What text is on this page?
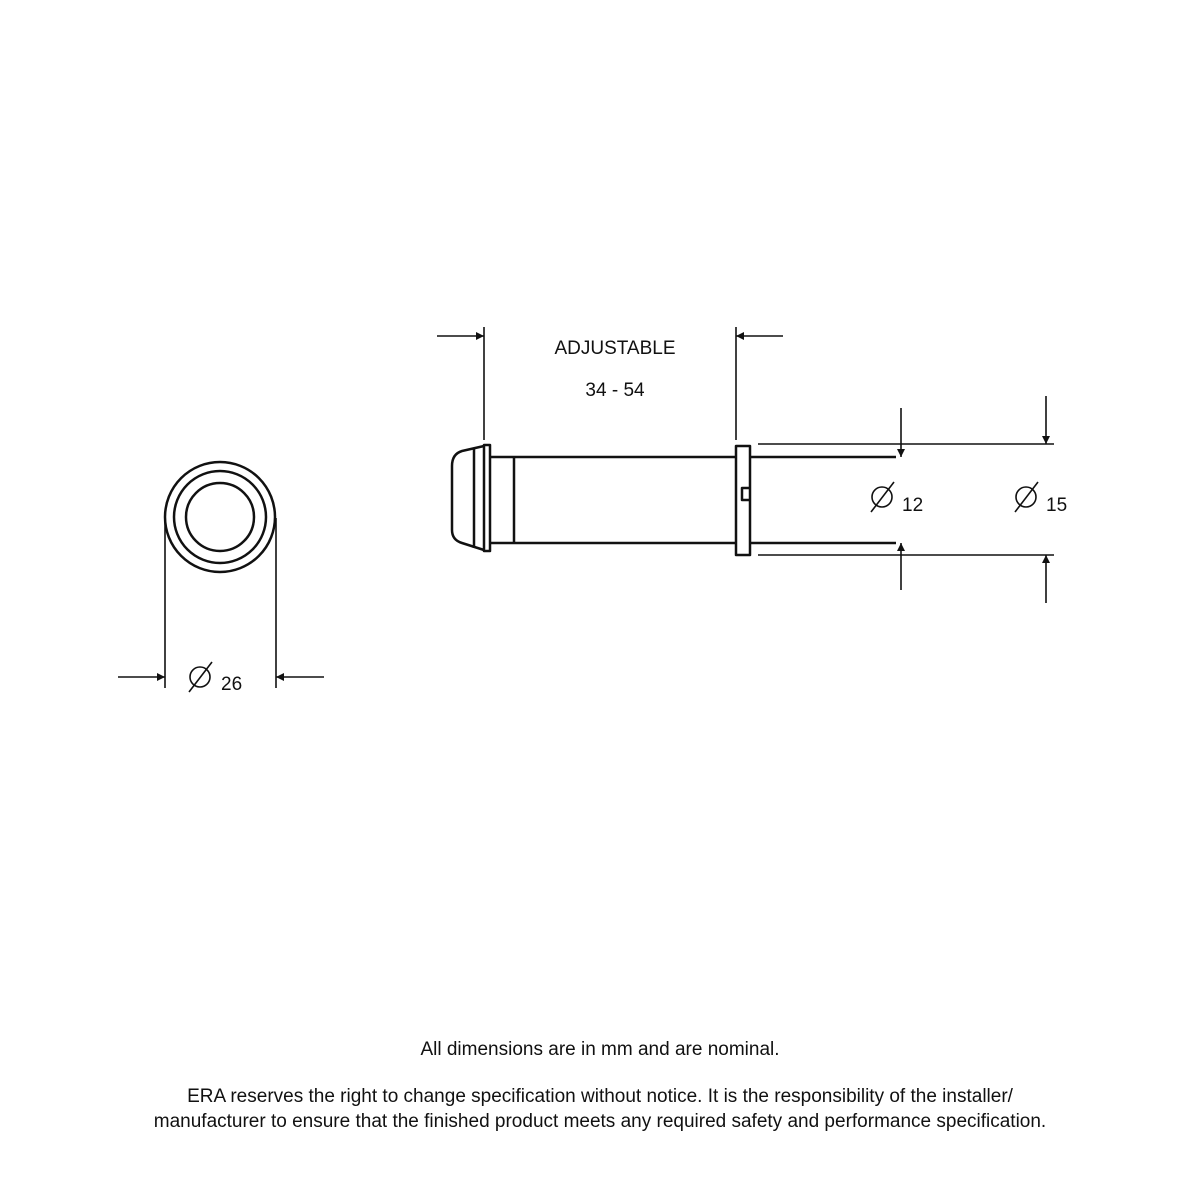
26
ADJUSTABLE
34 - 54
12	15
All dimensions are in mm and are nominal.
ERA reserves the right to change specification without notice. It is the responsibility of the installer/
manufacturer to ensure that the finished product meets any required safety and performance specification.
